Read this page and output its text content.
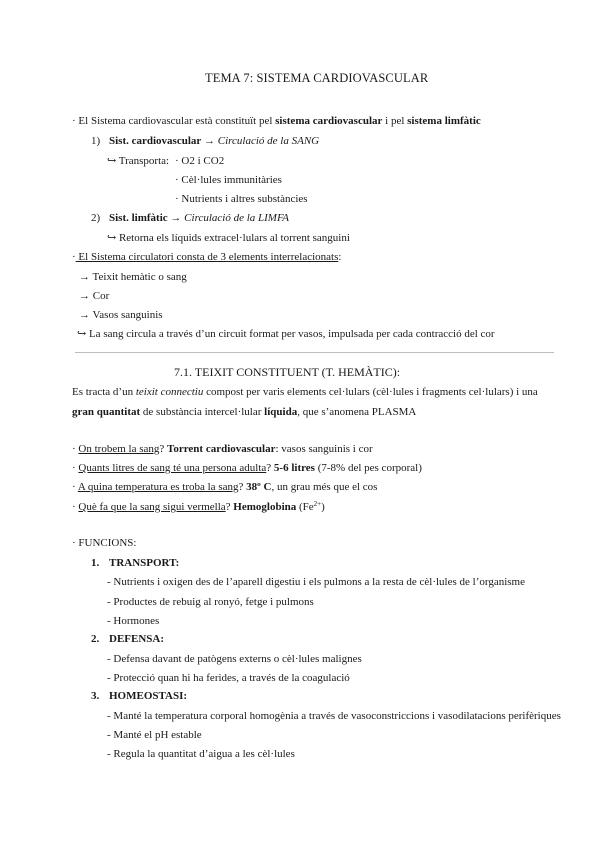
TEMA 7: SISTEMA CARDIOVASCULAR
· El Sistema cardiovascular està constituït pel sistema cardiovascular i pel sistema limfàtic
1) Sist. cardiovascular → Circulació de la SANG
↪ Transporta: · O2 i CO2
· Cèl·lules immunitàries
· Nutrients i altres substàncies
2) Sist. limfàtic → Circulació de la LIMFA
↪ Retorna els líquids extracel·lulars al torrent sanguini
· El Sistema circulatori consta de 3 elements interrelacionats:
→ Teixit hemàtic o sang
→ Cor
→ Vasos sanguinis
↪ La sang circula a través d’un circuit format per vasos, impulsada per cada contracció del cor
7.1. TEIXIT CONSTITUENT (T. HEMÀTIC):
Es tracta d’un teixit connectiu compost per varis elements cel·lulars (cèl·lules i fragments cel·lulars) i una
gran quantitat de substància intercel·lular líquida, que s’anomena PLASMA
· On trobem la sang? Torrent cardiovascular: vasos sanguinis i cor
· Quants litres de sang té una persona adulta? 5-6 litres (7-8% del pes corporal)
· A quina temperatura es troba la sang? 38º C, un grau més que el cos
· Què fa que la sang sigui vermella? Hemoglobina $(Fe^{2+})$
· FUNCIONS:
1. TRANSPORT:
- Nutrients i oxigen des de l’aparell digestiu i els pulmons a la resta de cèl·lules de l’organisme
- Productes de rebuig al ronyó, fetge i pulmons
- Hormones
2. DEFENSA:
- Defensa davant de patògens externs o cèl·lules malignes
- Protecció quan hi ha ferides, a través de la coagulació
3. HOMEOSTASI:
- Manté la temperatura corporal homogènia a través de vasoconstriccions i vasodilatacions perifèriques
- Manté el pH estable
- Regula la quantitat d’aigua a les cèl·lules
